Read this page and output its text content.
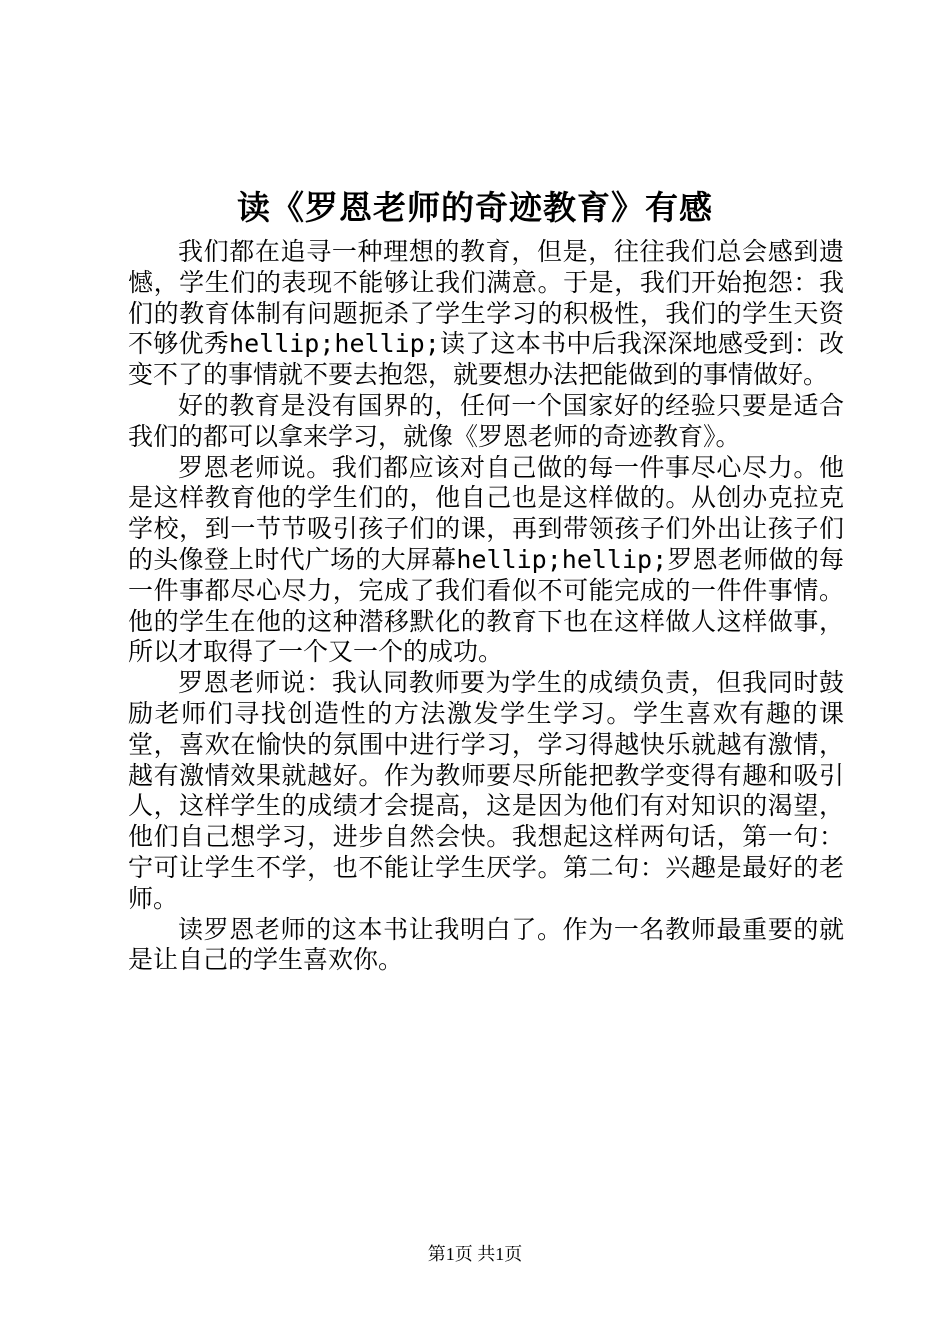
读《罗恩老师的奇迹教育》有感

我们都在追寻一种理想的教育，但是，往往我们总会感到遗憾，学生们的表现不能够让我们满意。于是，我们开始抱怨：我们的教育体制有问题扼杀了学生学习的积极性，我们的学生天资不够优秀hellip;hellip;读了这本书中后我深深地感受到：改变不了的事情就不要去抱怨，就要想办法把能做到的事情做好。

好的教育是没有国界的，任何一个国家好的经验只要是适合我们的都可以拿来学习，就像《罗恩老师的奇迹教育》。

罗恩老师说。我们都应该对自己做的每一件事尽心尽力。他是这样教育他的学生们的，他自己也是这样做的。从创办克拉克学校，到一节节吸引孩子们的课，再到带领孩子们外出让孩子们的头像登上时代广场的大屏幕hellip;hellip;罗恩老师做的每一件事都尽心尽力，完成了我们看似不可能完成的一件件事情。他的学生在他的这种潜移默化的教育下也在这样做人这样做事，所以才取得了一个又一个的成功。

罗恩老师说：我认同教师要为学生的成绩负责，但我同时鼓励老师们寻找创造性的方法激发学生学习。学生喜欢有趣的课堂，喜欢在愉快的氛围中进行学习，学习得越快乐就越有激情，越有激情效果就越好。作为教师要尽所能把教学变得有趣和吸引人，这样学生的成绩才会提高，这是因为他们有对知识的渴望，他们自己想学习，进步自然会快。我想起这样两句话，第一句：宁可让学生不学，也不能让学生厌学。第二句：兴趣是最好的老师。

读罗恩老师的这本书让我明白了。作为一名教师最重要的就是让自己的学生喜欢你。

第1页 共1页
